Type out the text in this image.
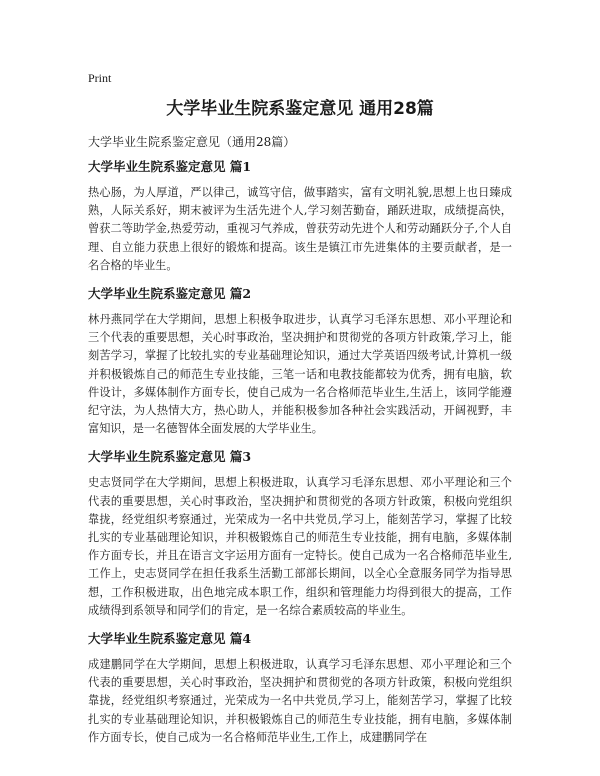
Print
大学毕业生院系鉴定意见 通用28篇

大学毕业生院系鉴定意见（通用28篇）

大学毕业生院系鉴定意见 篇1

热心肠，为人厚道，严以律己，诚笃守信，做事踏实，富有文明礼貌,思想上也日臻成熟，人际关系好，期末被评为生活先进个人,学习刻苦勤奋，踊跃进取，成绩提高快，曾获二等助学金,热爱劳动，重视习气养成，曾获劳动先进个人和劳动踊跃分子,个人自理、自立能力获患上很好的锻炼和提高。该生是镇江市先进集体的主要贡献者，是一名合格的毕业生。

大学毕业生院系鉴定意见 篇2

林丹燕同学在大学期间，思想上积极争取进步，认真学习毛泽东思想、邓小平理论和三个代表的重要思想，关心时事政治，坚决拥护和贯彻党的各项方针政策,学习上，能刻苦学习，掌握了比较扎实的专业基础理论知识，通过大学英语四级考试,计算机一级并积极锻炼自己的师范生专业技能，三笔一话和电教技能都较为优秀，拥有电脑，软件设计，多媒体制作方面专长，使自己成为一名合格师范毕业生,生活上，该同学能遵纪守法，为人热情大方，热心助人，并能积极参加各种社会实践活动，开阔视野，丰富知识，是一名德智体全面发展的大学毕业生。

大学毕业生院系鉴定意见 篇3

史志贤同学在大学期间，思想上积极进取，认真学习毛泽东思想、邓小平理论和三个代表的重要思想，关心时事政治，坚决拥护和贯彻党的各项方针政策，积极向党组织靠拢，经党组织考察通过，光荣成为一名中共党员,学习上，能刻苦学习，掌握了比较扎实的专业基础理论知识，并积极锻炼自己的师范生专业技能，拥有电脑，多媒体制作方面专长，并且在语言文字运用方面有一定特长。使自己成为一名合格师范毕业生,工作上，史志贤同学在担任我系生活勤工部部长期间，以全心全意服务同学为指导思想，工作积极进取，出色地完成本职工作，组织和管理能力均得到很大的提高，工作成绩得到系领导和同学们的肯定，是一名综合素质较高的毕业生。

大学毕业生院系鉴定意见 篇4

成建鹏同学在大学期间，思想上积极进取，认真学习毛泽东思想、邓小平理论和三个代表的重要思想，关心时事政治，坚决拥护和贯彻党的各项方针政策，积极向党组织靠拢，经党组织考察通过，光荣成为一名中共党员,学习上，能刻苦学习，掌握了比较扎实的专业基础理论知识，并积极锻炼自己的师范生专业技能，拥有电脑，多媒体制作方面专长，使自己成为一名合格师范毕业生,工作上，成建鹏同学在
